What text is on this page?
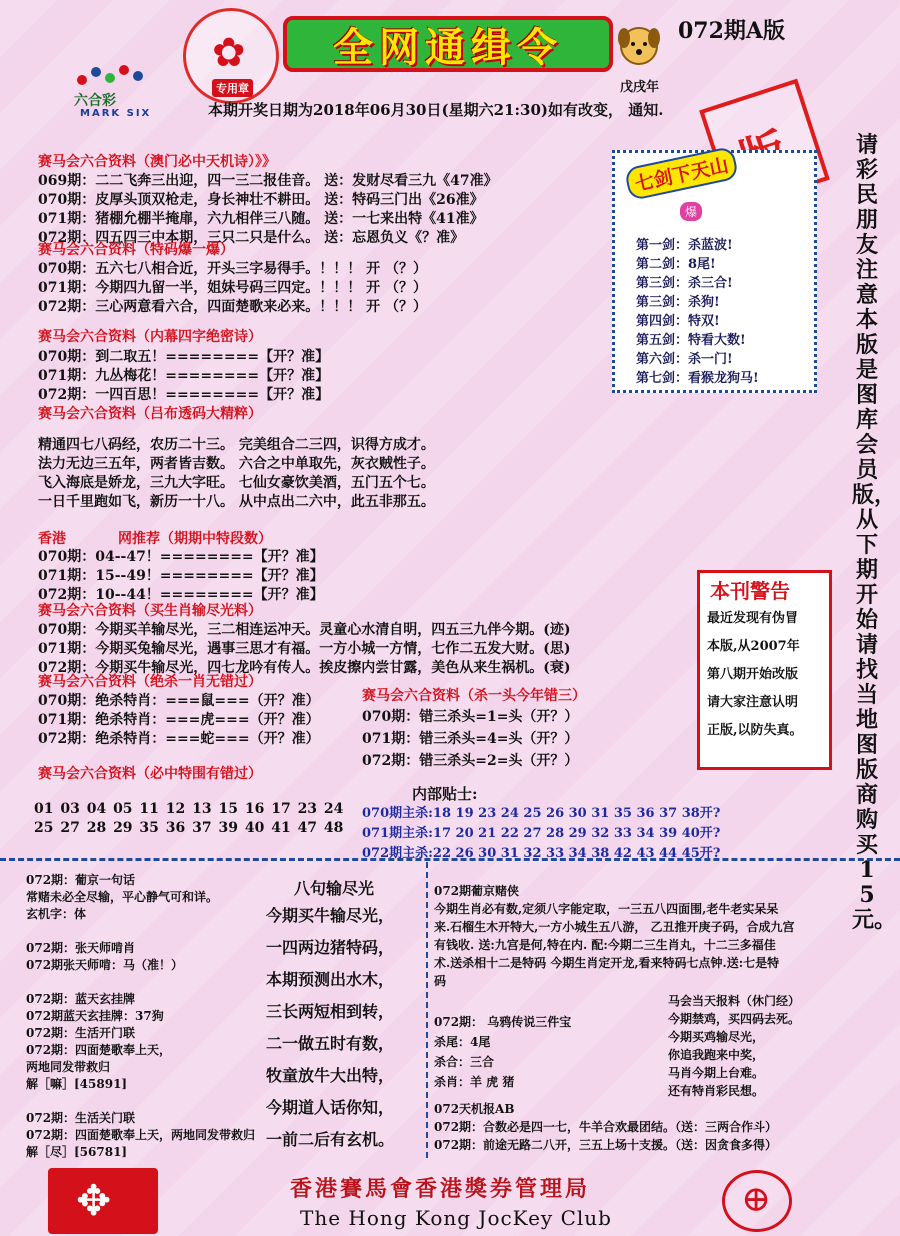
六合彩
MARK SIX
✿
专用章
全网通缉令	072期A版
戊戌年
本期开奖日期为2018年06月30日(星期六21:30)如有改变， 通知.
赛马会六合资料（澳门必中天机诗）》》
069期：二二飞奔三出迎，四一三二报佳音。 送：发财尽看三九《47准》
070期：皮厚头顶双枪走，身长神壮不耕田。 送：特码三门出《26准》
071期：猪棚允棚半掩扉，六九相伴三八随。 送：一七来出特《41准》
072期：四五四三中本期，三只二只是什么。 送：忘恩负义《？准》
赛马会六合资料（特码爆一爆）
070期：五六七八相合近，开头三字易得手。！！！ 开 （？）
071期：今期四九留一半，姐妹号码三四定。！！！ 开 （？）
072期：三心两意看六合，四面楚歌来必来。！！！ 开 （？）
赛马会六合资料（内幕四字绝密诗）
070期：到二取五！========【开？准】
071期：九丛梅花！========【开？准】
072期：一四百思！========【开？准】
赛马会六合资料（吕布透码大精粹）
精通四七八码经，农历二十三。 完美组合二三四，识得方成才。
法力无边三五年，两者皆吉数。 六合之中单取先，灰衣贼性子。
飞入海底是娇龙，三九大字旺。 七仙女豪饮美酒，五门五个七。
一日千里跑如飞，新历一十八。 从中点出二六中，此五非那五。
香港	网推荐（期期中特段数）
070期：04--47！========【开？准】
071期：15--49！========【开？准】
072期：10--44！========【开？准】
赛马会六合资料（买生肖输尽光料）
070期：今期买羊输尽光，三二相连运冲天。灵童心水清自明，四五三九伴今期。(迹)
071期：今期买兔输尽光，遇事三思才有福。一方小城一方情，七作二五发大财。(思)
072期：今期买牛输尽光，四七龙吟有传人。挨皮擦内尝甘露，美色从来生祸机。(衰)
赛马会六合资料（绝杀一肖无错过）
070期：绝杀特肖：===鼠===（开？准）
071期：绝杀特肖：===虎===（开？准）
072期：绝杀特肖：===蛇===（开？准）
赛马会六合资料（杀一头今年错三）
070期：错三杀头=1=头（开？）
071期：错三杀头=4=头（开？）
072期：错三杀头=2=头（开？）
赛马会六合资料（必中特围有错过）
01 03 04 05 11 12 13 15 16 17 23 24
25 27 28 29 35 36 37 39 40 41 47 48
内部贴士:
070期主杀:18 19 23 24 25 26 30 31 35 36 37 38开?
071期主杀:17 20 21 22 27 28 29 32 33 34 39 40开?
072期主杀:22 26 30 31 32 33 34 38 42 43 44 45开?
七剑下天山
爆
第一剑：杀蓝波!
第二剑：8尾!
第三剑：杀三合!
第三剑：杀狗!
第四剑：特双!
第五剑：特看大数!
第六剑：杀一门!
第七剑：看猴龙狗马!
请彩民朋友注意本版是图库会员版，从下期开始请找当地图版商购买15元。
本刊警告
最近发现有伪冒
本版,从2007年
第八期开始改版
请大家注意认明
正版,以防失真。
072期：葡京一句话
常赌未必全尽输，平心静气可和详。
玄机字：体
072期：张天师啃肖
072期张天师啃：马（准！）
072期：蓝天玄挂牌
072期蓝天玄挂牌：37狗
072期：生活开门联
072期：四面楚歌奉上天，
两地同发带救归
解［嘛］[45891]
072期：生活关门联
072期：四面楚歌奉上天，两地同发带救归
解［尽］[56781]
八句输尽光
今期买牛输尽光，
一四两边猪特码，
本期预测出水木，
三长两短相到转，
二一做五时有数，
牧童放牛大出特，
今期道人话你知，
一前二后有玄机。
072期葡京赌侠
今期生肖必有数,定须八字能定取，一三五八四面围,老牛老实呆呆
来.石榴生木开特大,一方小城生五八游， 乙丑推开庚子码，合成九宫
有钱收. 送:九宫是何,特在内. 配:今期二三生肖丸，十二三多福佳
术.送杀相十二是特码 今期生肖定开龙,看来特码七点钟.送:七是特
码
072期： 乌鸦传说三件宝
杀尾：4尾
杀合：三合
杀肖：羊 虎 猪
马会当天报料（休门经）
今期禁鸡，买四码去死。
今期买鸡输尽光，
你追我跑来中奖，
马肖今期上台难。
还有特肖彩民想。
072天机报AB
072期：合数必是四一七，牛羊合欢最团结。（送：三两合作斗）
072期：前途无路二八开，三五上场十支援。（送：因贪食多得）
✥	香港賽馬會香港獎券管理局
The Hong Kong JocKey Club	⊕
